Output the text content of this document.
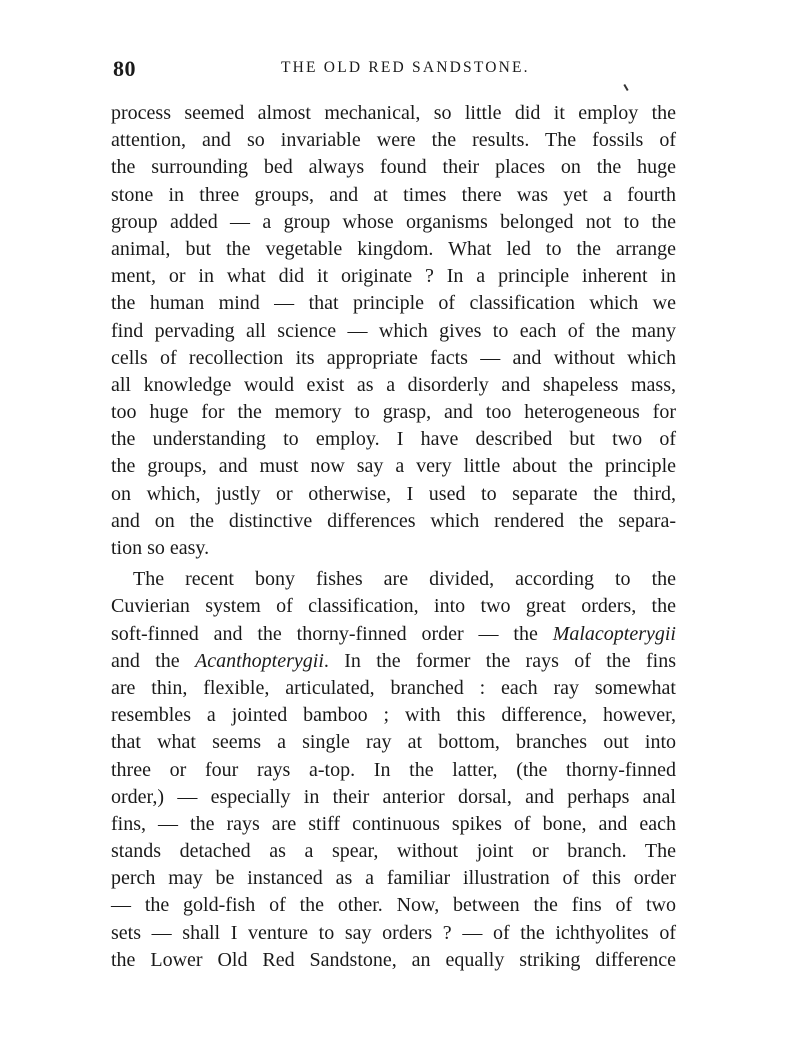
80	THE OLD RED SANDSTONE.
process seemed almost mechanical, so little did it employ the
attention, and so invariable were the results. The fossils of
the surrounding bed always found their places on the huge
stone in three groups, and at times there was yet a fourth
group added — a group whose organisms belonged not to the
animal, but the vegetable kingdom. What led to the arrange
ment, or in what did it originate ? In a principle inherent in
the human mind — that principle of classification which we
find pervading all science — which gives to each of the many
cells of recollection its appropriate facts — and without which
all knowledge would exist as a disorderly and shapeless mass,
too huge for the memory to grasp, and too heterogeneous for
the understanding to employ. I have described but two of
the groups, and must now say a very little about the principle
on which, justly or otherwise, I used to separate the third,
and on the distinctive differences which rendered the separa-
tion so easy.
The recent bony fishes are divided, according to the
Cuvierian system of classification, into two great orders, the
soft-finned and the thorny-finned order — the Malacopterygii
and the Acanthopterygii. In the former the rays of the fins
are thin, flexible, articulated, branched : each ray somewhat
resembles a jointed bamboo ; with this difference, however,
that what seems a single ray at bottom, branches out into
three or four rays a-top. In the latter, (the thorny-finned
order,) — especially in their anterior dorsal, and perhaps anal
fins, — the rays are stiff continuous spikes of bone, and each
stands detached as a spear, without joint or branch. The
perch may be instanced as a familiar illustration of this order
— the gold-fish of the other. Now, between the fins of two
sets — shall I venture to say orders ? — of the ichthyolites of
the Lower Old Red Sandstone, an equally striking difference
